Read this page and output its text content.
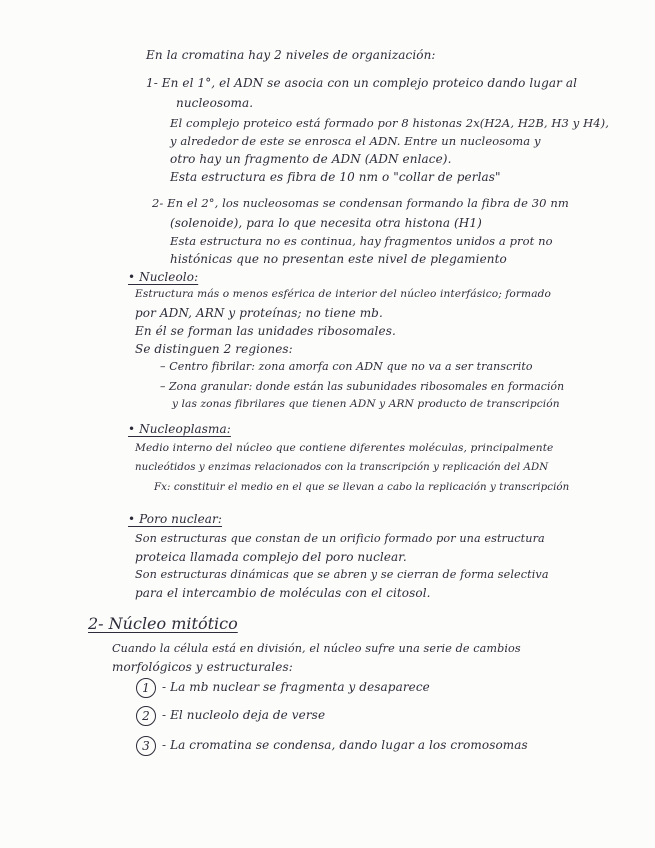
En la cromatina hay 2 niveles de organización:
1- En el 1°, el ADN se asocia con un complejo proteico dando lugar al
nucleosoma.
El complejo proteico está formado por 8 histonas 2x(H2A, H2B, H3 y H4),
y alrededor de este se enrosca el ADN. Entre un nucleosoma y
otro hay un fragmento de ADN (ADN enlace).
Esta estructura es fibra de 10 nm o "collar de perlas"
2- En el 2°, los nucleosomas se condensan formando la fibra de 30 nm
(solenoide), para lo que necesita otra histona (H1)
Esta estructura no es continua, hay fragmentos unidos a prot no
histónicas que no presentan este nivel de plegamiento
• Nucleolo:
Estructura más o menos esférica de interior del núcleo interfásico; formado
por ADN, ARN y proteínas; no tiene mb.
En él se forman las unidades ribosomales.
Se distinguen 2 regiones:
– Centro fibrilar: zona amorfa con ADN que no va a ser transcrito
– Zona granular: donde están las subunidades ribosomales en formación
y las zonas fibrilares que tienen ADN y ARN producto de transcripción
• Nucleoplasma:
Medio interno del núcleo que contiene diferentes moléculas, principalmente
nucleótidos y enzimas relacionados con la transcripción y replicación del ADN
Fx: constituir el medio en el que se llevan a cabo la replicación y transcripción
• Poro nuclear:
Son estructuras que constan de un orificio formado por una estructura
proteica llamada complejo del poro nuclear.
Son estructuras dinámicas que se abren y se cierran de forma selectiva
para el intercambio de moléculas con el citosol.
2- Núcleo mitótico
Cuando la célula está en división, el núcleo sufre una serie de cambios
morfológicos y estructurales:
1	- La mb nuclear se fragmenta y desaparece
2	- El nucleolo deja de verse
3	- La cromatina se condensa, dando lugar a los cromosomas
